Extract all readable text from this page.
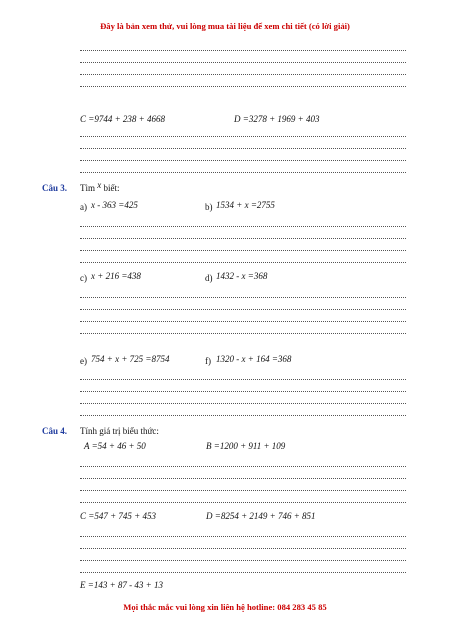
Đây là bản xem thử, vui lòng mua tài liệu để xem chi tiết (có lời giải)
C =9744 + 238 + 4668	D =3278 + 1969 + 403
Câu 3. Tìm x biết:
a) x - 363 =425	b) 1534 + x =2755
c) x + 216 =438	d) 1432 - x =368
e) 754 + x + 725 =8754	f) 1320 - x + 164 =368
Câu 4. Tính giá trị biểu thức:
A =54 + 46 + 50	B =1200 + 911 + 109
C =547 + 745 + 453	D =8254 + 2149 + 746 + 851
E =143 + 87 - 43 + 13
Mọi thắc mắc vui lòng xin liên hệ hotline: 084 283 45 85
